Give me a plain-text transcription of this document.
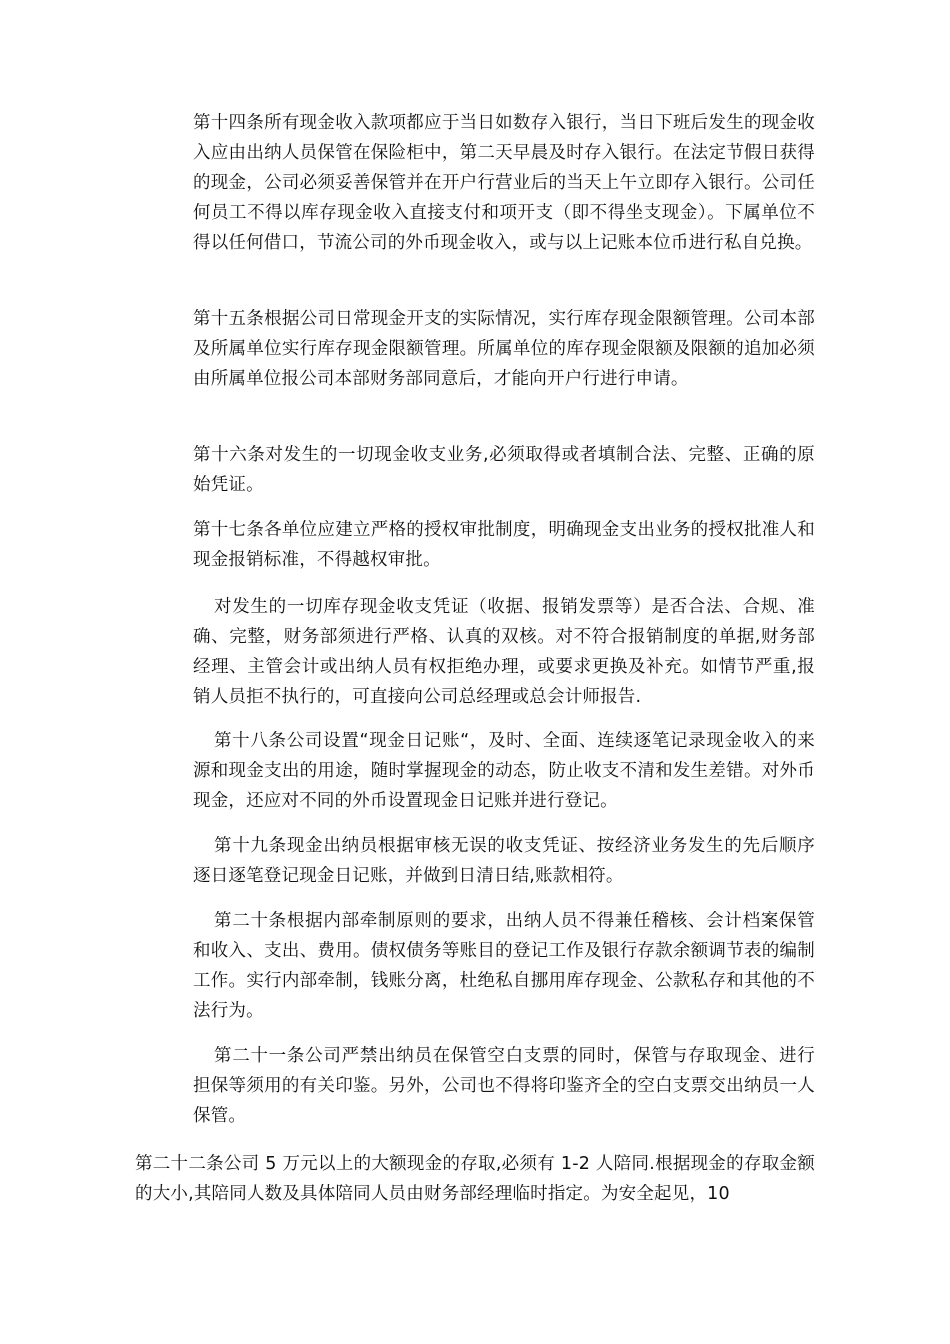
第十四条所有现金收入款项都应于当日如数存入银行，当日下班后发生的现金收入应由出纳人员保管在保险柜中，第二天早晨及时存入银行。在法定节假日获得的现金，公司必须妥善保管并在开户行营业后的当天上午立即存入银行。公司任何员工不得以库存现金收入直接支付和项开支（即不得坐支现金）。下属单位不得以任何借口，节流公司的外币现金收入，或与以上记账本位币进行私自兑换。

第十五条根据公司日常现金开支的实际情况，实行库存现金限额管理。公司本部及所属单位实行库存现金限额管理。所属单位的库存现金限额及限额的追加必须由所属单位报公司本部财务部同意后，才能向开户行进行申请。

第十六条对发生的一切现金收支业务,必须取得或者填制合法、完整、正确的原始凭证。

第十七条各单位应建立严格的授权审批制度，明确现金支出业务的授权批准人和现金报销标准，不得越权审批。

对发生的一切库存现金收支凭证（收据、报销发票等）是否合法、合规、准确、完整，财务部须进行严格、认真的双核。对不符合报销制度的单据,财务部经理、主管会计或出纳人员有权拒绝办理，或要求更换及补充。如情节严重,报销人员拒不执行的，可直接向公司总经理或总会计师报告.

第十八条公司设置“现金日记账“，及时、全面、连续逐笔记录现金收入的来源和现金支出的用途，随时掌握现金的动态，防止收支不清和发生差错。对外币现金，还应对不同的外币设置现金日记账并进行登记。

第十九条现金出纳员根据审核无误的收支凭证、按经济业务发生的先后顺序逐日逐笔登记现金日记账，并做到日清日结,账款相符。

第二十条根据内部牵制原则的要求，出纳人员不得兼任稽核、会计档案保管和收入、支出、费用。债权债务等账目的登记工作及银行存款余额调节表的编制工作。实行内部牵制，钱账分离，杜绝私自挪用库存现金、公款私存和其他的不法行为。

第二十一条公司严禁出纳员在保管空白支票的同时，保管与存取现金、进行担保等须用的有关印鉴。另外，公司也不得将印鉴齐全的空白支票交出纳员一人保管。

第二十二条公司 5 万元以上的大额现金的存取,必须有 1-2 人陪同.根据现金的存取金额的大小,其陪同人数及具体陪同人员由财务部经理临时指定。为安全起见，10
